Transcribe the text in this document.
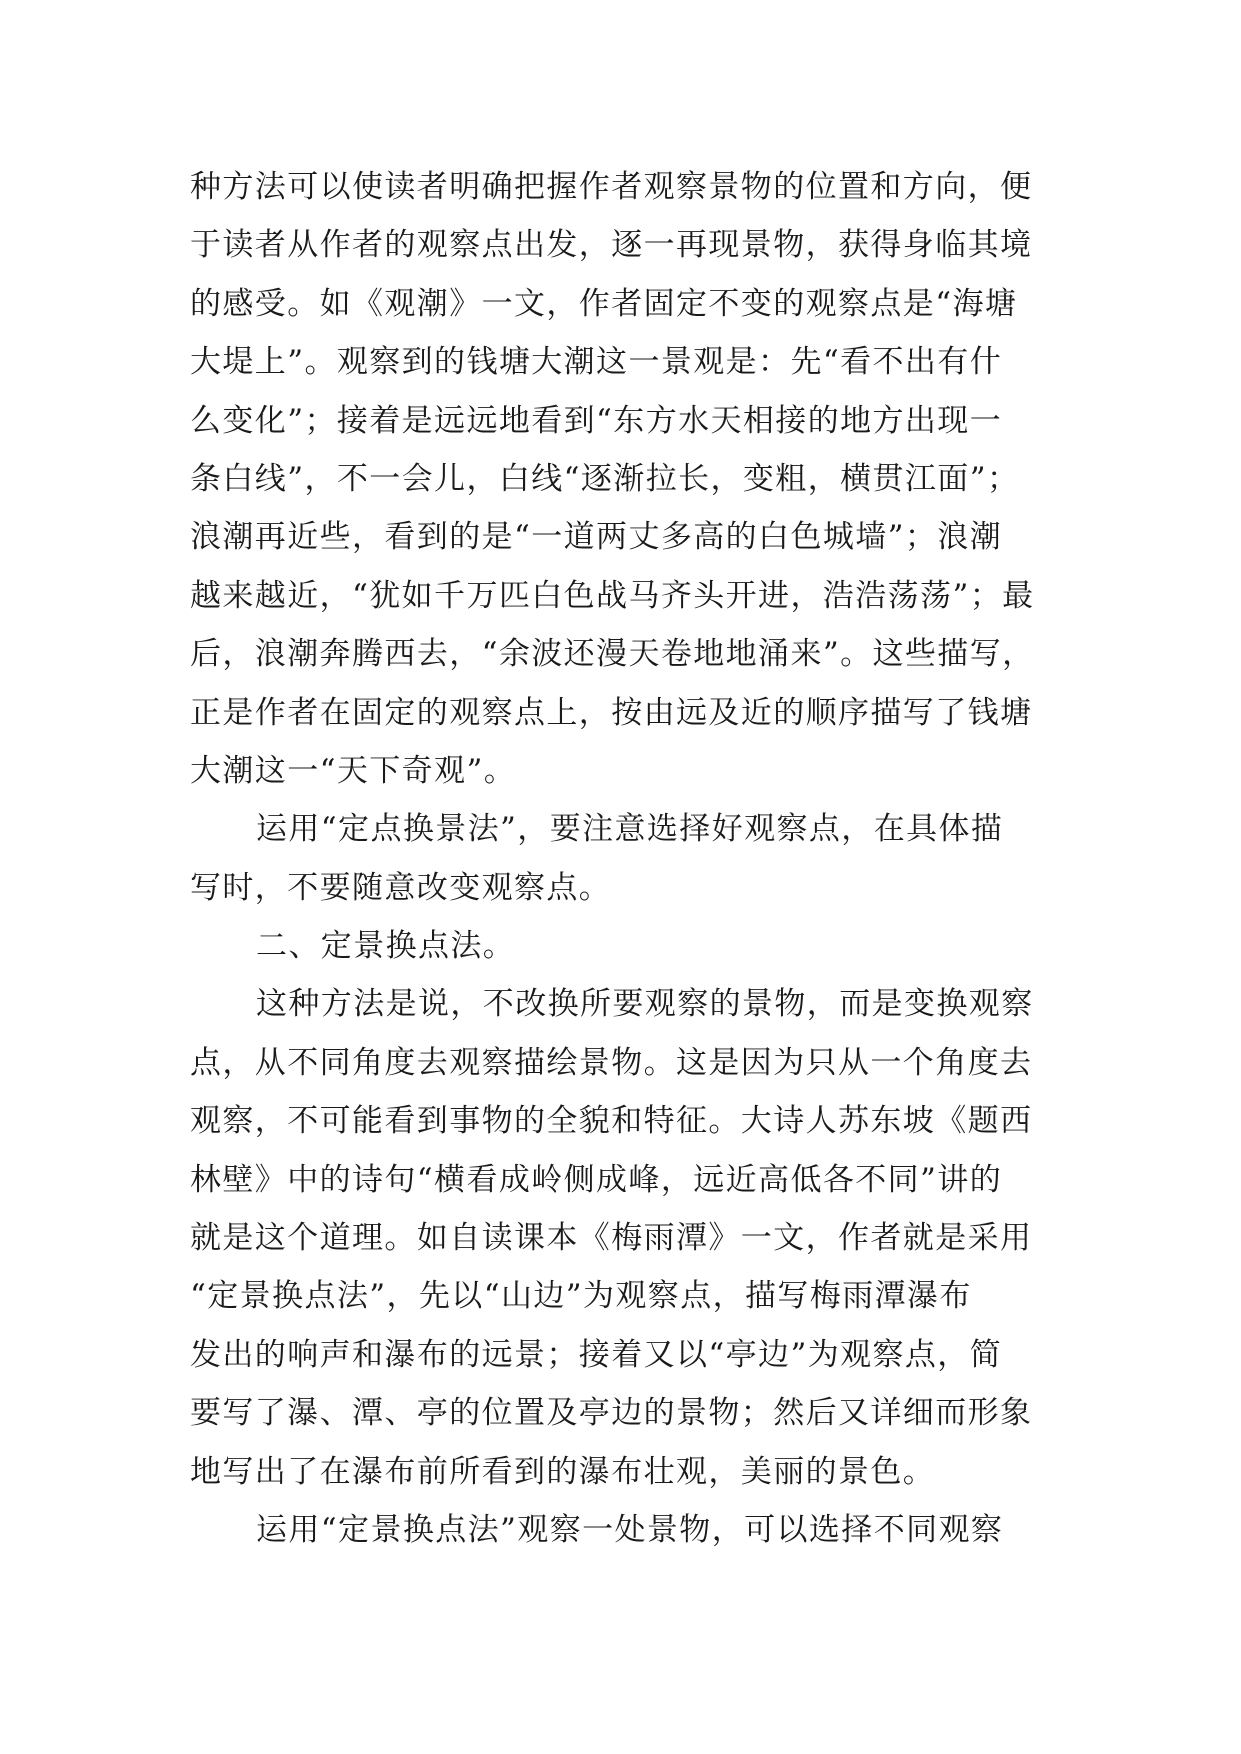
种方法可以使读者明确把握作者观察景物的位置和方向，便
于读者从作者的观察点出发，逐一再现景物，获得身临其境
的感受。如《观潮》一文，作者固定不变的观察点是“海塘
大堤上”。观察到的钱塘大潮这一景观是：先“看不出有什
么变化”；接着是远远地看到“东方水天相接的地方出现一
条白线”，不一会儿，白线“逐渐拉长，变粗，横贯江面”；
浪潮再近些，看到的是“一道两丈多高的白色城墙”；浪潮
越来越近，“犹如千万匹白色战马齐头开进，浩浩荡荡”；最
后，浪潮奔腾西去，“余波还漫天卷地地涌来”。这些描写，
正是作者在固定的观察点上，按由远及近的顺序描写了钱塘
大潮这一“天下奇观”。
运用“定点换景法”，要注意选择好观察点，在具体描
写时，不要随意改变观察点。
二、定景换点法。
这种方法是说，不改换所要观察的景物，而是变换观察
点，从不同角度去观察描绘景物。这是因为只从一个角度去
观察，不可能看到事物的全貌和特征。大诗人苏东坡《题西
林壁》中的诗句“横看成岭侧成峰，远近高低各不同”讲的
就是这个道理。如自读课本《梅雨潭》一文，作者就是采用
“定景换点法”，先以“山边”为观察点，描写梅雨潭瀑布
发出的响声和瀑布的远景；接着又以“亭边”为观察点，简
要写了瀑、潭、亭的位置及亭边的景物；然后又详细而形象
地写出了在瀑布前所看到的瀑布壮观，美丽的景色。
运用“定景换点法”观察一处景物，可以选择不同观察
